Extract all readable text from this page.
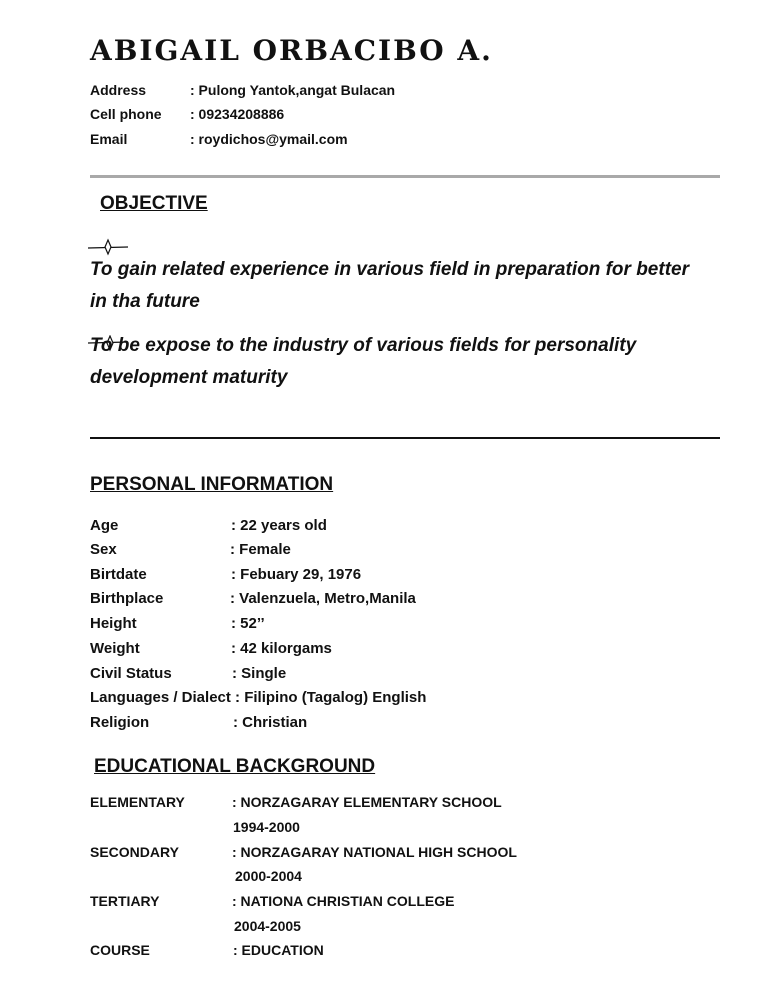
ABIGAIL ORBACIBO A.
Address	: Pulong Yantok,angat Bulacan
Cell phone : 09234208886
Email	: roydichos@ymail.com
OBJECTIVE
To gain related experience in various field in preparation for better in tha future
To be expose to the industry of various fields for personality development maturity
PERSONAL INFORMATION
Age	: 22 years old
Sex	: Female
Birtdate	: Febuary 29, 1976
Birthplace	: Valenzuela, Metro,Manila
Height	: 52’’
Weight	: 42 kilorgams
Civil Status	: Single
Languages / Dialect : Filipino (Tagalog) English
Religion	: Christian
EDUCATIONAL BACKGROUND
ELEMENTARY	: NORZAGARAY ELEMENTARY SCHOOL
1994-2000
SECONDARY	: NORZAGARAY NATIONAL HIGH SCHOOL
2000-2004
TERTIARY	: NATIONA CHRISTIAN COLLEGE
2004-2005
COURSE	: EDUCATION
